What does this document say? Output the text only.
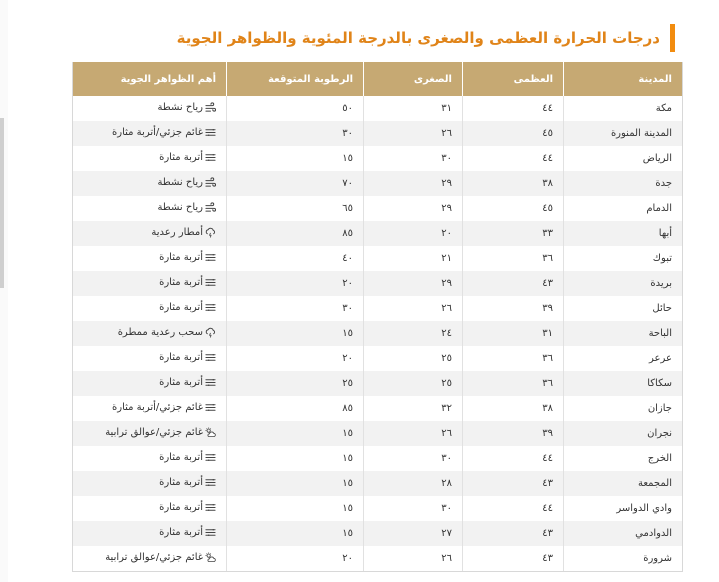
درجات الحرارة العظمى والصغرى بالدرجة المئوية والظواهر الجوية
المدينة	العظمى	الصغرى	الرطوبة المتوقعة	أهم الظواهر الجوية
مكة	٤٤	٣١	٥٠	رياح نشطة

المدينة المنورة	٤٥	٢٦	٣٠	غائم جزئي/أتربة مثارة

الرياض	٤٤	٣٠	١٥	أتربة مثارة

جدة	٣٨	٢٩	٧٠	رياح نشطة

الدمام	٤٥	٢٩	٦٥	رياح نشطة

أبها	٣٣	٢٠	٨٥	أمطار رعدية

تبوك	٣٦	٢١	٤٠	أتربة مثارة

بريدة	٤٣	٢٩	٢٠	أتربة مثارة

حائل	٣٩	٢٦	٣٠	أتربة مثارة

الباحة	٣١	٢٤	١٥	سحب رعدية ممطرة

عرعر	٣٦	٢٥	٢٠	أتربة مثارة

سكاكا	٣٦	٢٥	٢٥	أتربة مثارة

جازان	٣٨	٣٢	٨٥	غائم جزئي/أتربة مثارة

نجران	٣٩	٢٦	١٥	غائم جزئي/عوالق ترابية

الخرج	٤٤	٣٠	١٥	أتربة مثارة

المجمعة	٤٣	٢٨	١٥	أتربة مثارة

وادي الدواسر	٤٤	٣٠	١٥	أتربة مثارة

الدوادمي	٤٣	٢٧	١٥	أتربة مثارة

شرورة	٤٣	٢٦	٢٠	غائم جزئي/عوالق ترابية
